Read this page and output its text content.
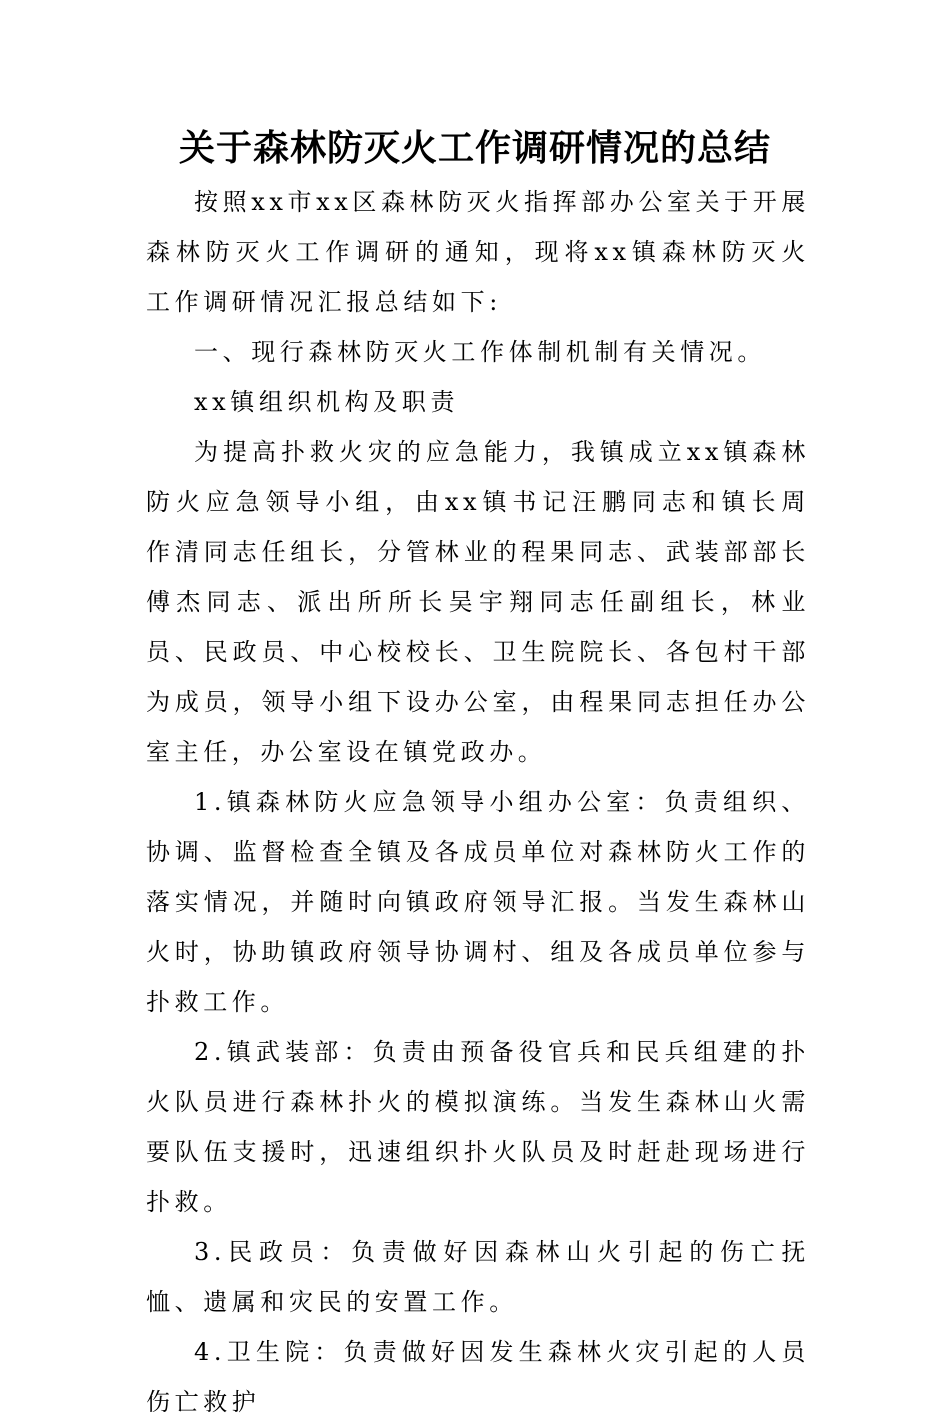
关于森林防灭火工作调研情况的总结

按照xx市xx区森林防灭火指挥部办公室关于开展森林防灭火工作调研的通知，现将xx镇森林防灭火工作调研情况汇报总结如下:

一、现行森林防灭火工作体制机制有关情况。

xx镇组织机构及职责

为提高扑救火灾的应急能力，我镇成立xx镇森林防火应急领导小组，由xx镇书记汪鹏同志和镇长周作清同志任组长，分管林业的程果同志、武装部部长傅杰同志、派出所所长吴宇翔同志任副组长，林业员、民政员、中心校校长、卫生院院长、各包村干部为成员，领导小组下设办公室，由程果同志担任办公室主任，办公室设在镇党政办。

1.镇森林防火应急领导小组办公室：负责组织、协调、监督检查全镇及各成员单位对森林防火工作的落实情况，并随时向镇政府领导汇报。当发生森林山火时，协助镇政府领导协调村、组及各成员单位参与扑救工作。

2.镇武装部：负责由预备役官兵和民兵组建的扑火队员进行森林扑火的模拟演练。当发生森林山火需要队伍支援时，迅速组织扑火队员及时赶赴现场进行扑救。

3.民政员：负责做好因森林山火引起的伤亡抚恤、遗属和灾民的安置工作。

4.卫生院：负责做好因发生森林火灾引起的人员伤亡救护
